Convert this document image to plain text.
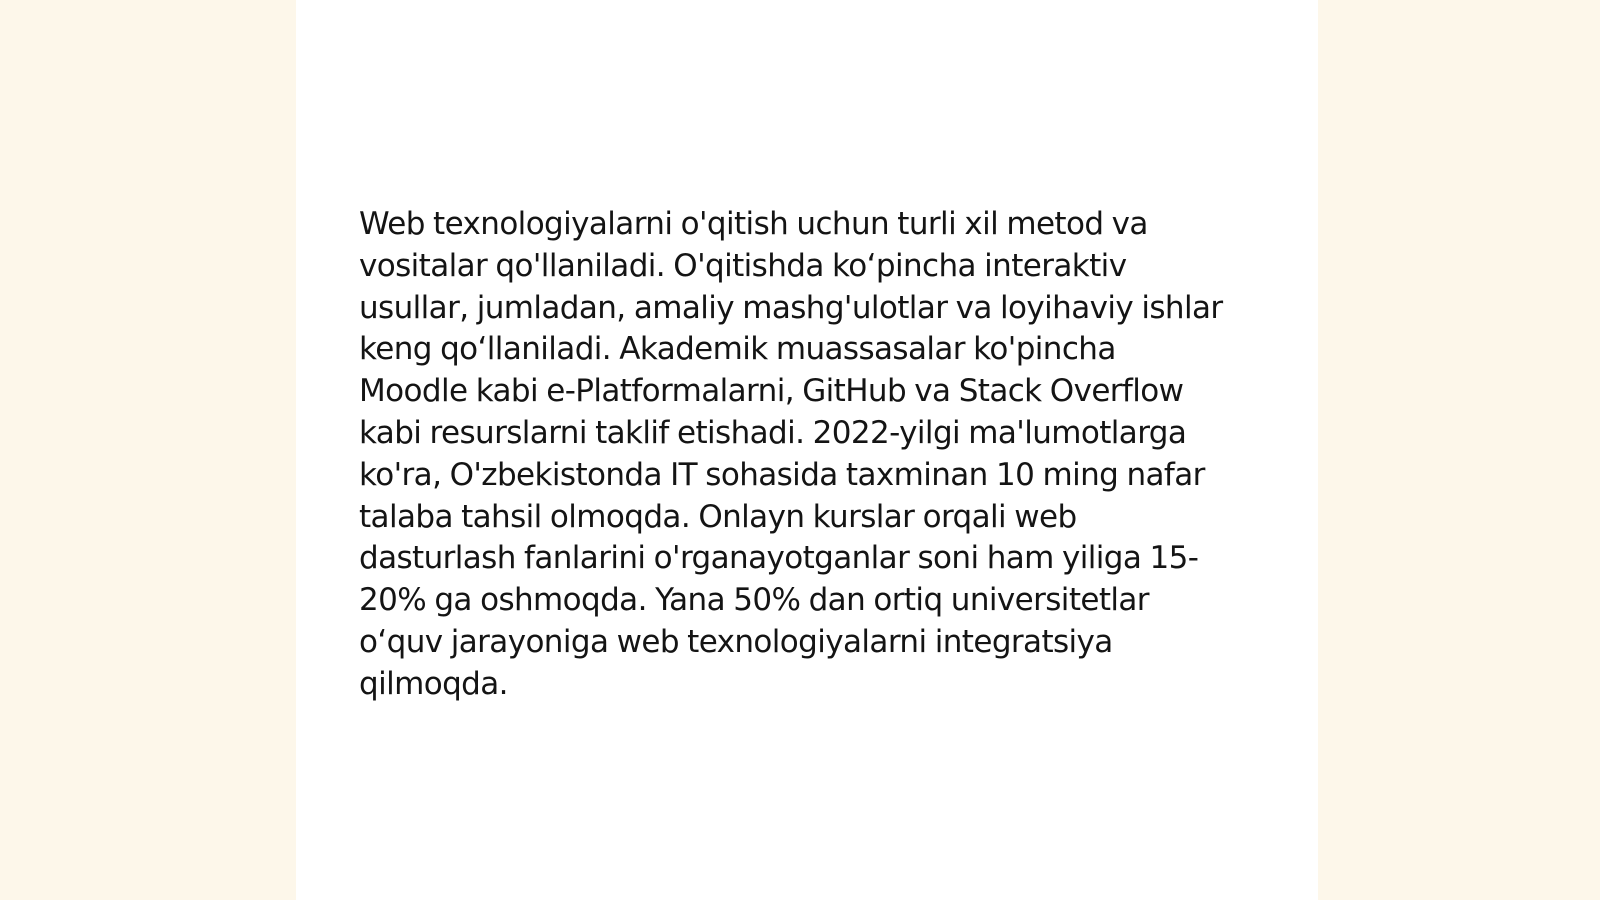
Web texnologiyalarni o'qitish uchun turli xil metod va vositalar qo'llaniladi. O'qitishda koʻpincha interaktiv usullar, jumladan, amaliy mashg'ulotlar va loyihaviy ishlar keng qoʻllaniladi. Akademik muassasalar ko'pincha Moodle kabi e-Platformalarni, GitHub va Stack Overflow kabi resurslarni taklif etishadi. 2022-yilgi ma'lumotlarga ko'ra, O'zbekistonda IT sohasida taxminan 10 ming nafar talaba tahsil olmoqda. Onlayn kurslar orqali web dasturlash fanlarini o'rganayotganlar soni ham yiliga 15-20% ga oshmoqda. Yana 50% dan ortiq universitetlar oʻquv jarayoniga web texnologiyalarni integratsiya qilmoqda.
